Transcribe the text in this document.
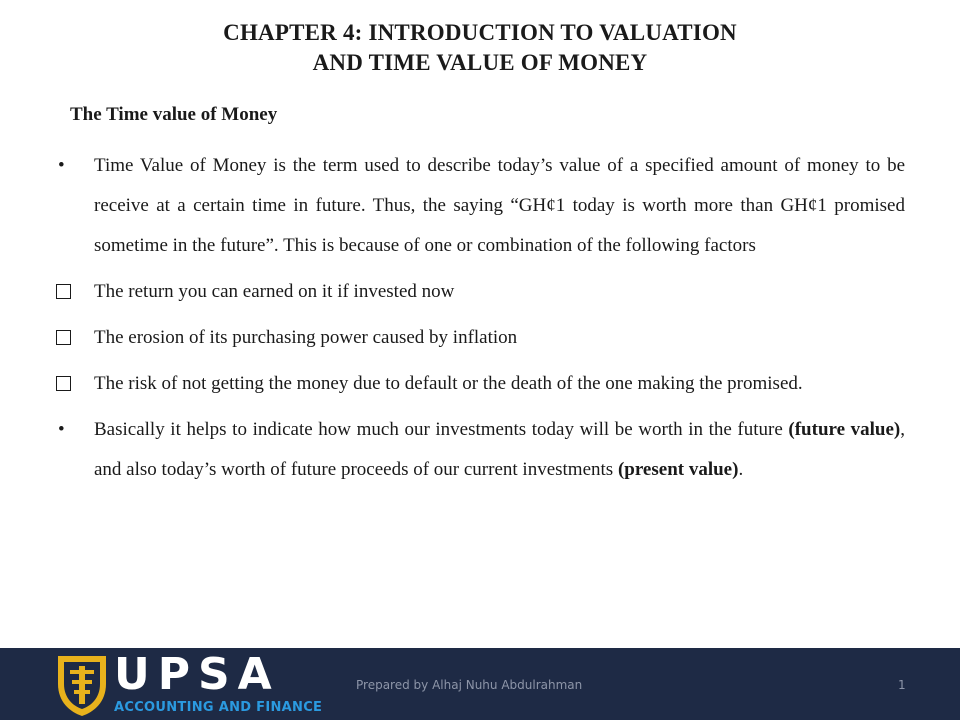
CHAPTER 4: INTRODUCTION TO VALUATION
AND TIME VALUE OF MONEY
The Time value of Money
•	Time Value of Money is the term used to describe today’s value of a specified amount of money to be receive at a certain time in future. Thus, the saying “GH¢1 today is worth more than GH¢1 promised sometime in the future”. This is because of one or combination of the following factors
The return you can earned on it if invested now
The erosion of its purchasing power caused by inflation
The risk of not getting the money due to default or the death of the one making the promised.
•	Basically it helps to indicate how much our investments today will be worth in the future (future value), and also today’s worth of future proceeds of our current investments (present value).
UPSA
ACCOUNTING AND FINANCE
Prepared by Alhaj Nuhu Abdulrahman	1
